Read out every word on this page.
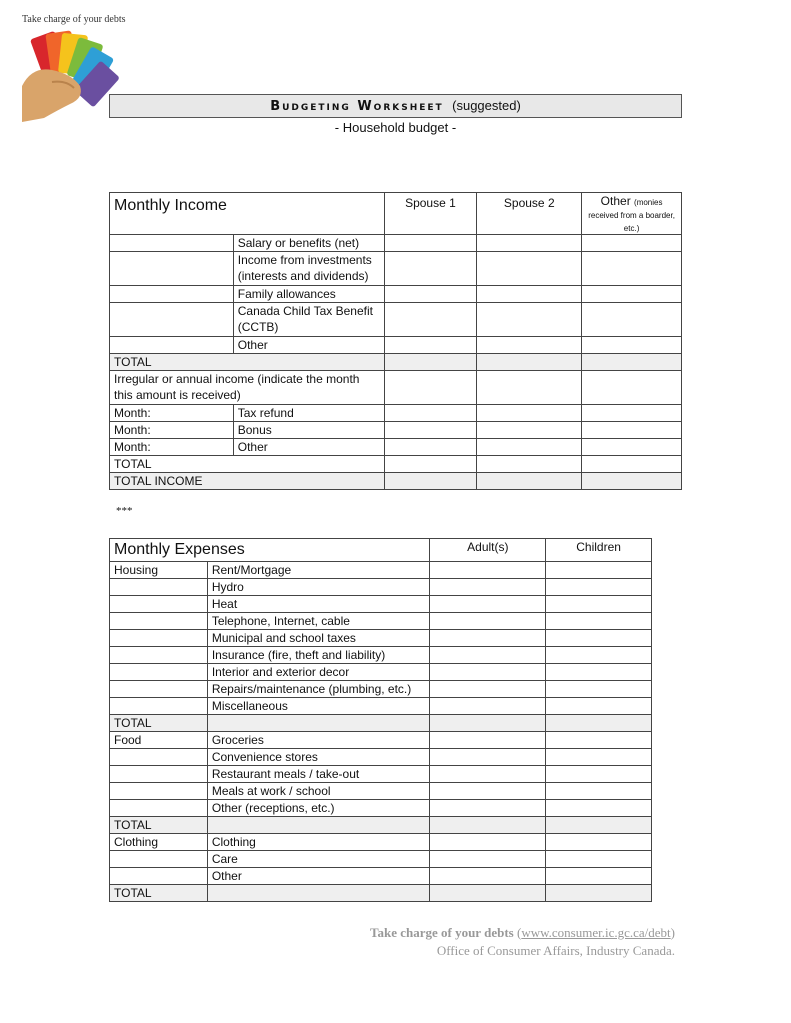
Take charge of your debts
Budgeting Worksheet (suggested)
- Household budget -
Monthly Income		Spouse 1	Spouse 2	Other (monies received from a boarder, etc.)
	Salary or benefits (net)			
	Income from investments (interests and dividends)			
	Family allowances			
	Canada Child Tax Benefit (CCTB)			
	Other			
TOTAL				
Irregular or annual income (indicate the month this amount is received)				
Month:	Tax refund			
Month:	Bonus			
Month:	Other			
TOTAL				
TOTAL INCOME				
***
Monthly Expenses		Adult(s)	Children
Housing	Rent/Mortgage		
	Hydro		
	Heat		
	Telephone, Internet, cable		
	Municipal and school taxes		
	Insurance (fire, theft and liability)		
	Interior and exterior decor		
	Repairs/maintenance (plumbing, etc.)		
	Miscellaneous		
TOTAL			
Food	Groceries		
	Convenience stores		
	Restaurant meals / take-out		
	Meals at work / school		
	Other (receptions, etc.)		
TOTAL			
Clothing	Clothing		
	Care		
	Other		
TOTAL			
Take charge of your debts (www.consumer.ic.gc.ca/debt)
Office of Consumer Affairs, Industry Canada.
